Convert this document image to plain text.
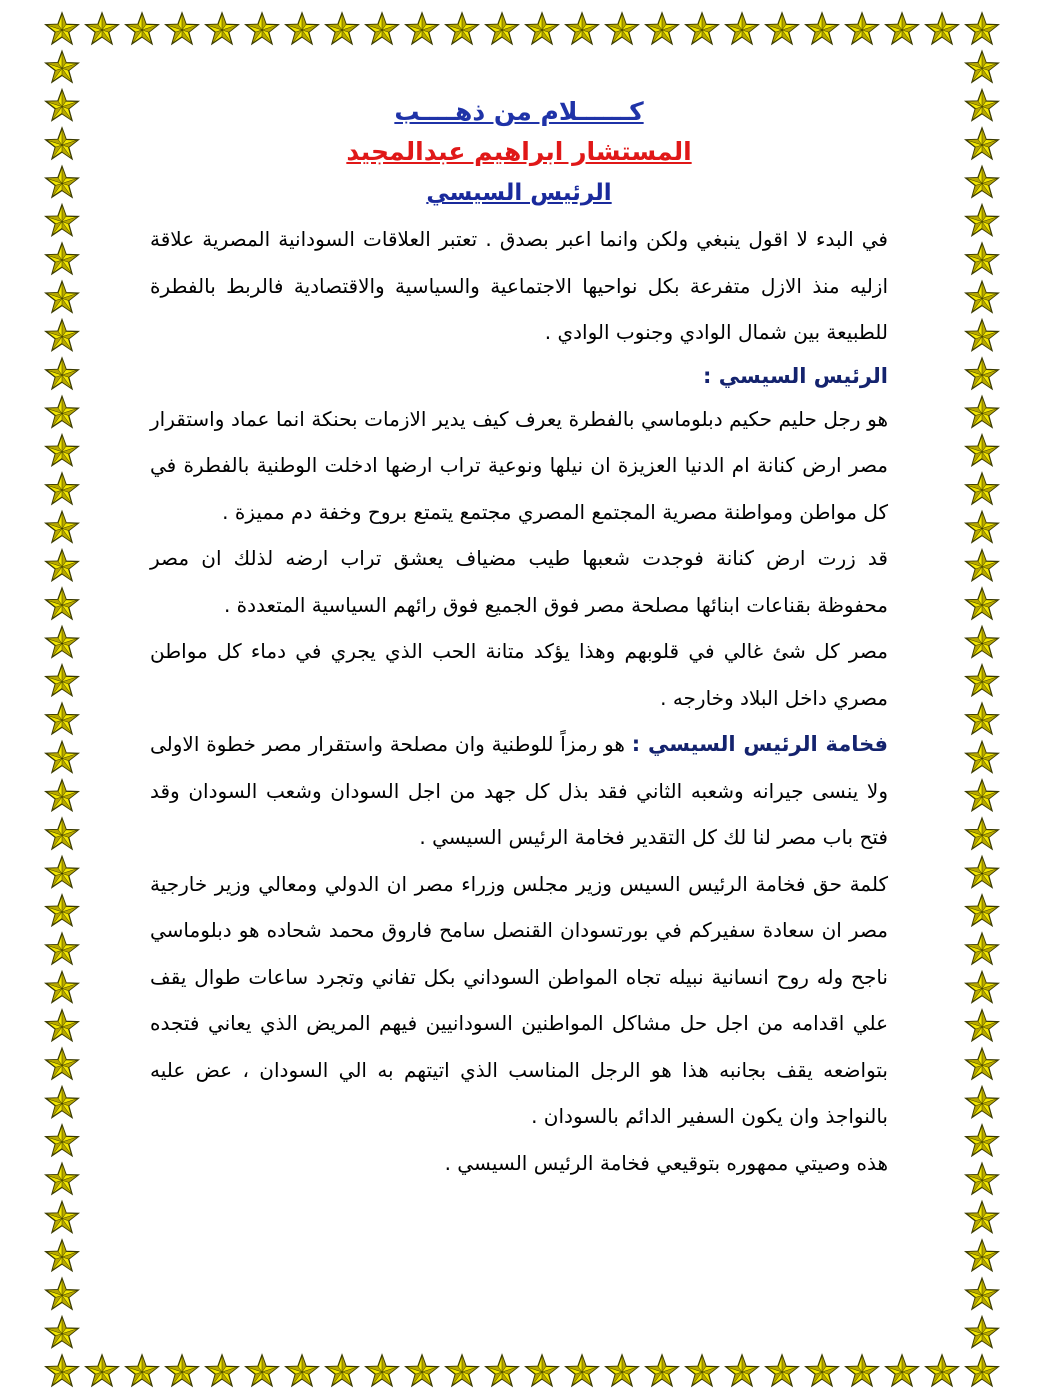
كــــــلام من ذهــــب

المستشار ابراهيم عبدالمجيد

الرئيس السيسي

في البدء لا اقول ينبغي ولكن وانما اعبر بصدق . تعتبر العلاقات السودانية المصرية علاقة ازليه منذ الازل متفرعة بكل نواحيها الاجتماعية والسياسية والاقتصادية فالربط بالفطرة للطبيعة بين شمال الوادي وجنوب الوادي .

الرئيس السيسي :

هو رجل حليم حكيم دبلوماسي بالفطرة يعرف كيف يدير الازمات بحنكة انما عماد واستقرار مصر ارض كنانة ام الدنيا العزيزة ان نيلها ونوعية تراب ارضها ادخلت الوطنية بالفطرة في كل مواطن ومواطنة مصرية المجتمع المصري مجتمع يتمتع بروح وخفة دم مميزة .

قد زرت ارض كنانة فوجدت شعبها طيب مضياف يعشق تراب ارضه لذلك ان مصر محفوظة بقناعات ابنائها مصلحة مصر فوق الجميع فوق رائهم السياسية المتعددة .

مصر كل شئ غالي في قلوبهم وهذا يؤكد متانة الحب الذي يجري في دماء كل مواطن مصري داخل البلاد وخارجه .

فخامة الرئيس السيسي : هو رمزاً للوطنية وان مصلحة واستقرار مصر خطوة الاولى ولا ينسى جيرانه وشعبه الثاني فقد بذل كل جهد من اجل السودان وشعب السودان وقد فتح باب مصر لنا لك كل التقدير فخامة الرئيس السيسي .

كلمة حق فخامة الرئيس السيس وزير مجلس وزراء مصر ان الدولي ومعالي وزير خارجية مصر ان سعادة سفيركم في بورتسودان القنصل سامح فاروق محمد شحاده هو دبلوماسي ناجح وله روح انسانية نبيله تجاه المواطن السوداني بكل تفاني وتجرد ساعات طوال يقف علي اقدامه من اجل حل مشاكل المواطنين السودانيين فيهم المريض الذي يعاني فتجده بتواضعه يقف بجانبه هذا هو الرجل المناسب الذي اتيتهم به الي السودان ، عض عليه بالنواجذ وان يكون السفير الدائم بالسودان .

هذه وصيتي ممهوره بتوقيعي فخامة الرئيس السيسي .
